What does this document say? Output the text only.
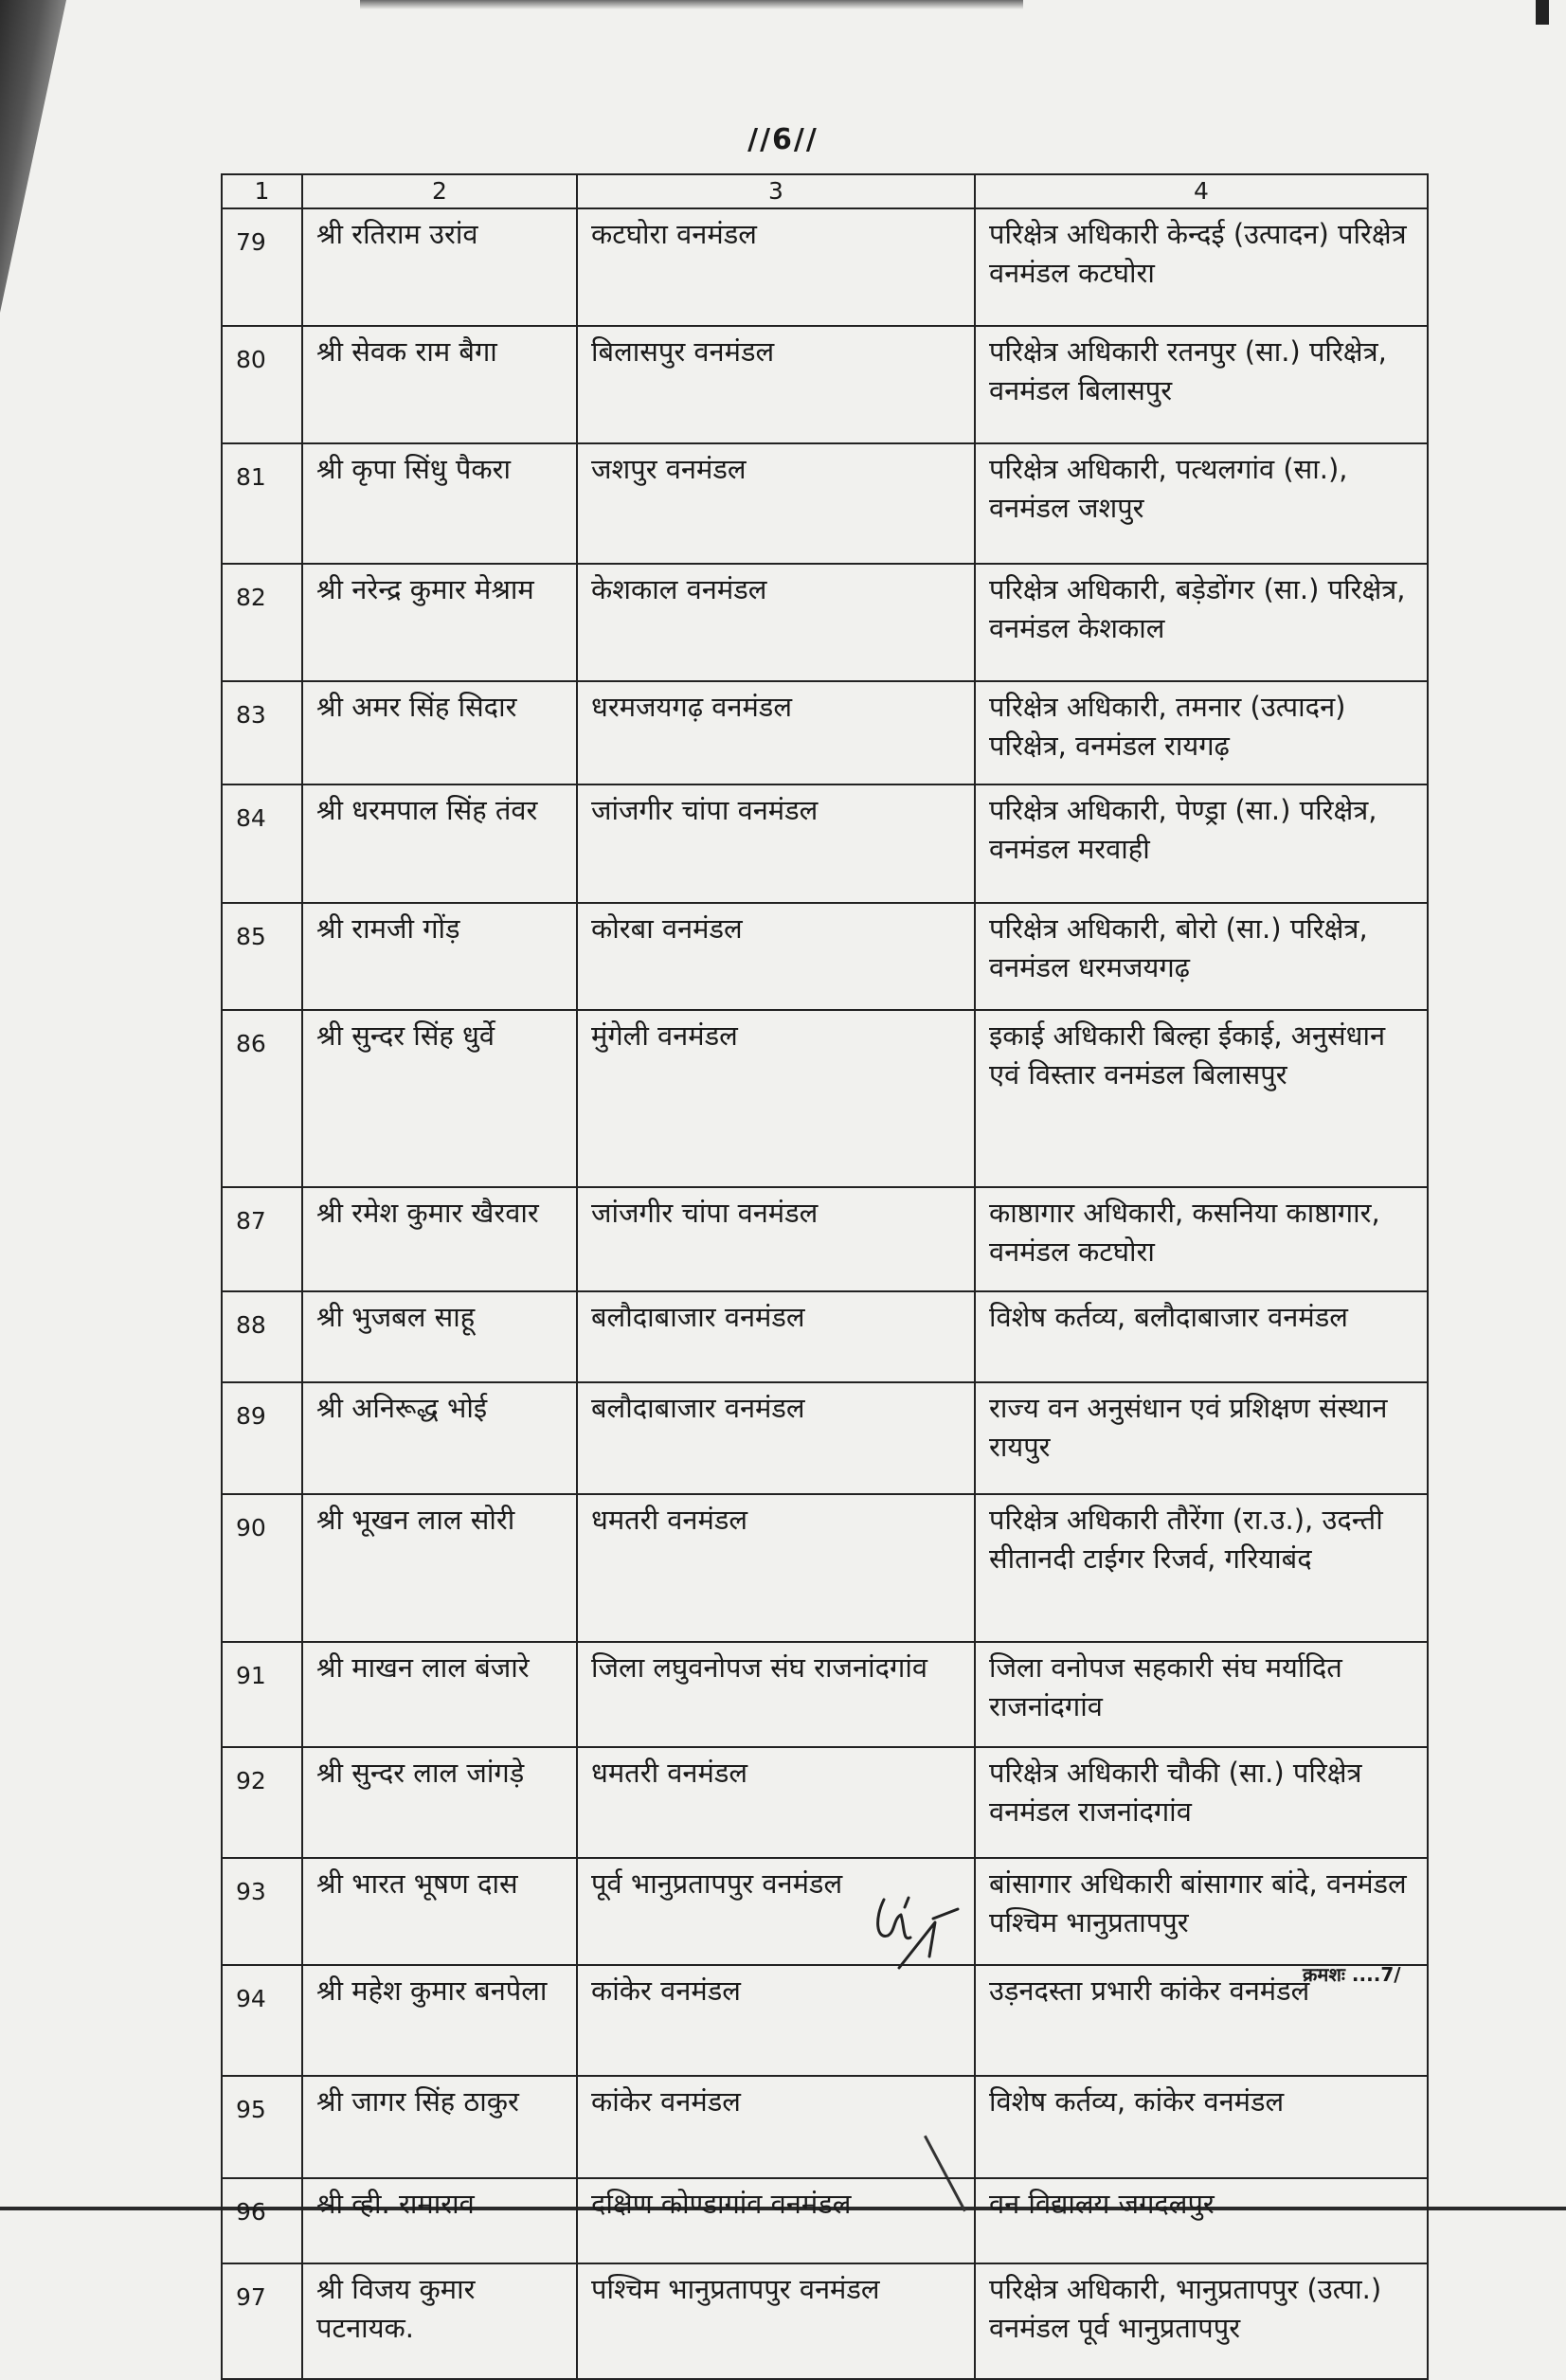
//6//
1	2	3	4
79	श्री रतिराम उरांव	कटघोरा वनमंडल	परिक्षेत्र अधिकारी केन्दई (उत्पादन) परिक्षेत्र वनमंडल कटघोरा
80	श्री सेवक राम बैगा	बिलासपुर वनमंडल	परिक्षेत्र अधिकारी रतनपुर (सा.) परिक्षेत्र, वनमंडल बिलासपुर
81	श्री कृपा सिंधु पैकरा	जशपुर वनमंडल	परिक्षेत्र अधिकारी, पत्थलगांव (सा.), वनमंडल जशपुर
82	श्री नरेन्द्र कुमार मेश्राम	केशकाल वनमंडल	परिक्षेत्र अधिकारी, बड़ेडोंगर (सा.) परिक्षेत्र, वनमंडल केशकाल
83	श्री अमर सिंह सिदार	धरमजयगढ़ वनमंडल	परिक्षेत्र अधिकारी, तमनार (उत्पादन) परिक्षेत्र, वनमंडल रायगढ़
84	श्री धरमपाल सिंह तंवर	जांजगीर चांपा वनमंडल	परिक्षेत्र अधिकारी, पेण्ड्रा (सा.) परिक्षेत्र, वनमंडल मरवाही
85	श्री रामजी गोंड़	कोरबा वनमंडल	परिक्षेत्र अधिकारी, बोरो (सा.) परिक्षेत्र, वनमंडल धरमजयगढ़
86	श्री सुन्दर सिंह धुर्वे	मुंगेली वनमंडल	इकाई अधिकारी बिल्हा ईकाई, अनुसंधान एवं विस्तार वनमंडल बिलासपुर
87	श्री रमेश कुमार खैरवार	जांजगीर चांपा वनमंडल	काष्ठागार अधिकारी, कसनिया काष्ठागार, वनमंडल कटघोरा
88	श्री भुजबल साहू	बलौदाबाजार वनमंडल	विशेष कर्तव्य, बलौदाबाजार वनमंडल
89	श्री अनिरूद्ध भोई	बलौदाबाजार वनमंडल	राज्य वन अनुसंधान एवं प्रशिक्षण संस्थान रायपुर
90	श्री भूखन लाल सोरी	धमतरी वनमंडल	परिक्षेत्र अधिकारी तौरेंगा (रा.उ.), उदन्ती सीतानदी टाईगर रिजर्व, गरियाबंद
91	श्री माखन लाल बंजारे	जिला लघुवनोपज संघ राजनांदगांव	जिला वनोपज सहकारी संघ मर्यादित राजनांदगांव
92	श्री सुन्दर लाल जांगड़े	धमतरी वनमंडल	परिक्षेत्र अधिकारी चौकी (सा.) परिक्षेत्र वनमंडल राजनांदगांव
93	श्री भारत भूषण दास	पूर्व भानुप्रतापपुर वनमंडल	बांसागार अधिकारी बांसागार बांदे, वनमंडल पश्चिम भानुप्रतापपुर
94	श्री महेश कुमार बनपेला	कांकेर वनमंडल	उड़नदस्ता प्रभारी कांकेर वनमंडल
95	श्री जागर सिंह ठाकुर	कांकेर वनमंडल	विशेष कर्तव्य, कांकेर वनमंडल
96	श्री व्ही. रामाराव	दक्षिण कोण्डागांव वनमंडल	वन विद्यालय जगदलपुर
97	श्री विजय कुमार पटनायक.	पश्चिम भानुप्रतापपुर वनमंडल	परिक्षेत्र अधिकारी, भानुप्रतापपुर (उत्पा.) वनमंडल पूर्व भानुप्रतापपुर
क्रमशः ....7/
